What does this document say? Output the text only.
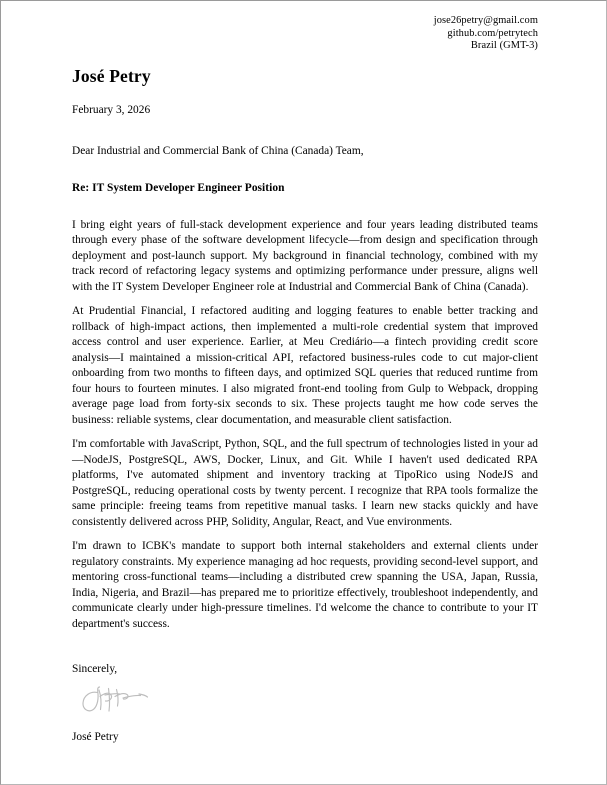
jose26petry@gmail.com
github.com/petrytech
Brazil (GMT-3)
José Petry
February 3, 2026
Dear Industrial and Commercial Bank of China (Canada) Team,
Re: IT System Developer Engineer Position

I bring eight years of full-stack development experience and four years leading distributed teams through every phase of the software development lifecycle—from design and specification through deployment and post-launch support. My background in financial technology, combined with my track record of refactoring legacy systems and optimizing performance under pressure, aligns well with the IT System Developer Engineer role at Industrial and Commercial Bank of China (Canada).

At Prudential Financial, I refactored auditing and logging features to enable better tracking and rollback of high-impact actions, then implemented a multi-role credential system that improved access control and user experience. Earlier, at Meu Crediário—a fintech providing credit score analysis—I maintained a mission-critical API, refactored business-rules code to cut major-client onboarding from two months to fifteen days, and optimized SQL queries that reduced runtime from four hours to fourteen minutes. I also migrated front-end tooling from Gulp to Webpack, dropping average page load from forty-six seconds to six. These projects taught me how code serves the business: reliable systems, clear documentation, and measurable client satisfaction.

I'm comfortable with JavaScript, Python, SQL, and the full spectrum of technologies listed in your ad—NodeJS, PostgreSQL, AWS, Docker, Linux, and Git. While I haven't used dedicated RPA platforms, I've automated shipment and inventory tracking at TipoRico using NodeJS and PostgreSQL, reducing operational costs by twenty percent. I recognize that RPA tools formalize the same principle: freeing teams from repetitive manual tasks. I learn new stacks quickly and have consistently delivered across PHP, Solidity, Angular, React, and Vue environments.

I'm drawn to ICBK's mandate to support both internal stakeholders and external clients under regulatory constraints. My experience managing ad hoc requests, providing second-level support, and mentoring cross-functional teams—including a distributed crew spanning the USA, Japan, Russia, India, Nigeria, and Brazil—has prepared me to prioritize effectively, troubleshoot independently, and communicate clearly under high-pressure timelines. I'd welcome the chance to contribute to your IT department's success.

Sincerely,
José Petry
